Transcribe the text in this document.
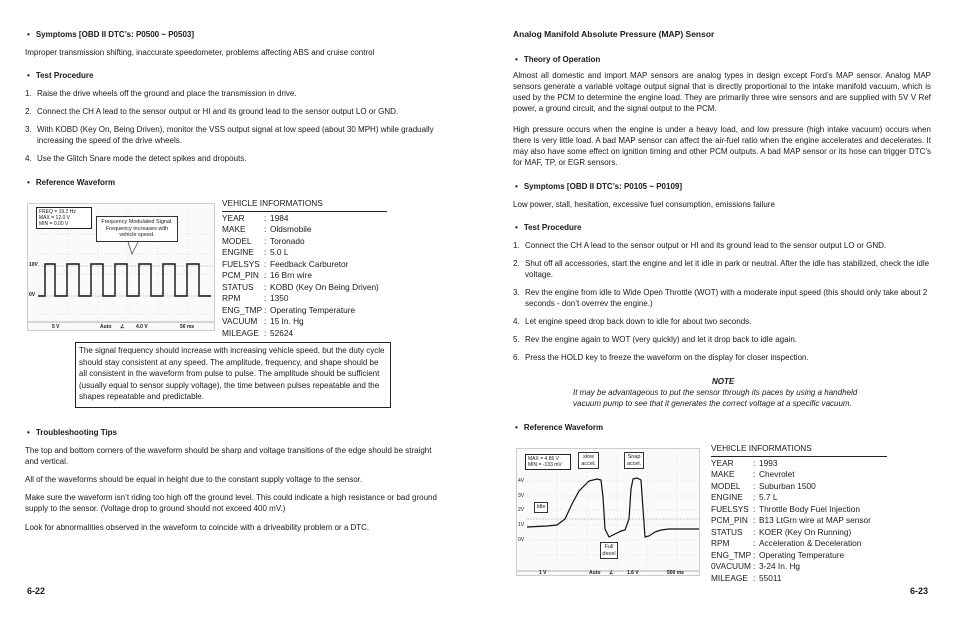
• Symptoms [OBD II DTC’s: P0500 ~ P0503]

Improper transmission shifting, inaccurate speedometer, problems affecting ABS and cruise control

• Test Procedure
1. Raise the drive wheels off the ground and place the transmission in drive.
2. Connect the CH A lead to the sensor output or HI and its ground lead to the sensor output LO or GND.
3. With KOBD (Key On, Being Driven), monitor the VSS output signal at low speed (about 30 MPH) while gradually increasing the speed of the drive wheels.
4. Use the Glitch Snare mode the detect spikes and dropouts.
• Reference Waveform
FREQ = 19.2 Hz
MAX = 12.0 V
MIN = 0.00 V	Frequency Modulated Signal. Frequency increases with vehicle speed.
10V
0V
5 V	Auto ∠ 4.0 V	50 ms
VEHICLE INFORMATIONS
YEAR	: 1984
MAKE	: Oldsmobile
MODEL	: Toronado
ENGINE	: 5.0 L
FUELSYS : Feedback Carburetor
PCM_PIN : 16 Brn wire
STATUS	: KOBD (Key On Being Driven)
RPM	: 1350
ENG_TMP : Operating Temperature
VACUUM : 15 In. Hg
MILEAGE : 52624

The signal frequency should increase with increasing vehicle speed, but the duty cycle should stay consistent at any speed. The amplitude, frequency, and shape should be all consistent in the waveform from pulse to pulse. The amplitude should be sufficient (usually equal to sensor supply voltage), the time between pulses repeatable and the shapes repeatable and predictable.

• Troubleshooting Tips

The top and bottom corners of the waveform should be sharp and voltage transitions of the edge should be straight and vertical.

All of the waveforms should be equal in height due to the constant supply voltage to the sensor.

Make sure the waveform isn’t riding too high off the ground level. This could indicate a high resistance or bad ground supply to the sensor. (Voltage drop to ground should not exceed 400 mV.)

Look for abnormalities observed in the waveform to coincide with a driveability problem or a DTC.

6-22
Analog Manifold Absolute Pressure (MAP) Sensor
• Theory of Operation

Almost all domestic and import MAP sensors are analog types in design except Ford’s MAP sensor. Analog MAP sensors generate a variable voltage output signal that is directly proportional to the intake manifold vacuum, which is used by the PCM to determine the engine load. They are primarily three wire sensors and are supplied with 5V V Ref power, a ground circuit, and the signal output to the PCM.

High pressure occurs when the engine is under a heavy load, and low pressure (high intake vacuum) occurs when there is very little load. A bad MAP sensor can affect the air-fuel ratio when the engine accelerates and decelerates. It may also have some effect on ignition timing and other PCM outputs. A bad MAP sensor or its hose can trigger DTC’s for MAF, TP, or EGR sensors.

• Symptoms [OBD II DTC’s: P0105 ~ P0109]

Low power, stall, hesitation, excessive fuel consumption, emissions failure

• Test Procedure
1. Connect the CH A lead to the sensor output or HI and its ground lead to the sensor output LO or GND.
2. Shut off all accessories, start the engine and let it idle in park or neutral. After the idle has stabilized, check the idle voltage.
3. Rev the engine from idle to Wide Open Throttle (WOT) with a moderate input speed (this should only take about 2 seconds - don’t overrev the engine.)
4. Let engine speed drop back down to idle for about two seconds.
5. Rev the engine again to WOT (very quickly) and let it drop back to idle again.
6. Press the HOLD key to freeze the waveform on the display for closer inspection.
NOTE

It may be advantageous to put the sensor through its paces by using a handheld vacuum pump to see that it generates the correct voltage at a specific vacuum.

• Reference Waveform
MAX = 4.86 V
MIN = -133 mV
slow accel.
Snap accel.
Idle
Full decel
4V
3V
2V
1V
0V
1 V	Auto ∠	1.6 V	500 ms
VEHICLE INFORMATIONS
YEAR	: 1993
MAKE	: Chevrolet
MODEL	: Suburban 1500
ENGINE	: 5.7 L
FUELSYS : Throttle Body Fuel Injection
PCM_PIN : B13 LtGrn wire at MAP sensor
STATUS	: KOER (Key On Running)
RPM	: Acceleration & Deceleration
ENG_TMP : Operating Temperature
0VACUUM : 3-24 In. Hg
MILEAGE : 55011
6-23
